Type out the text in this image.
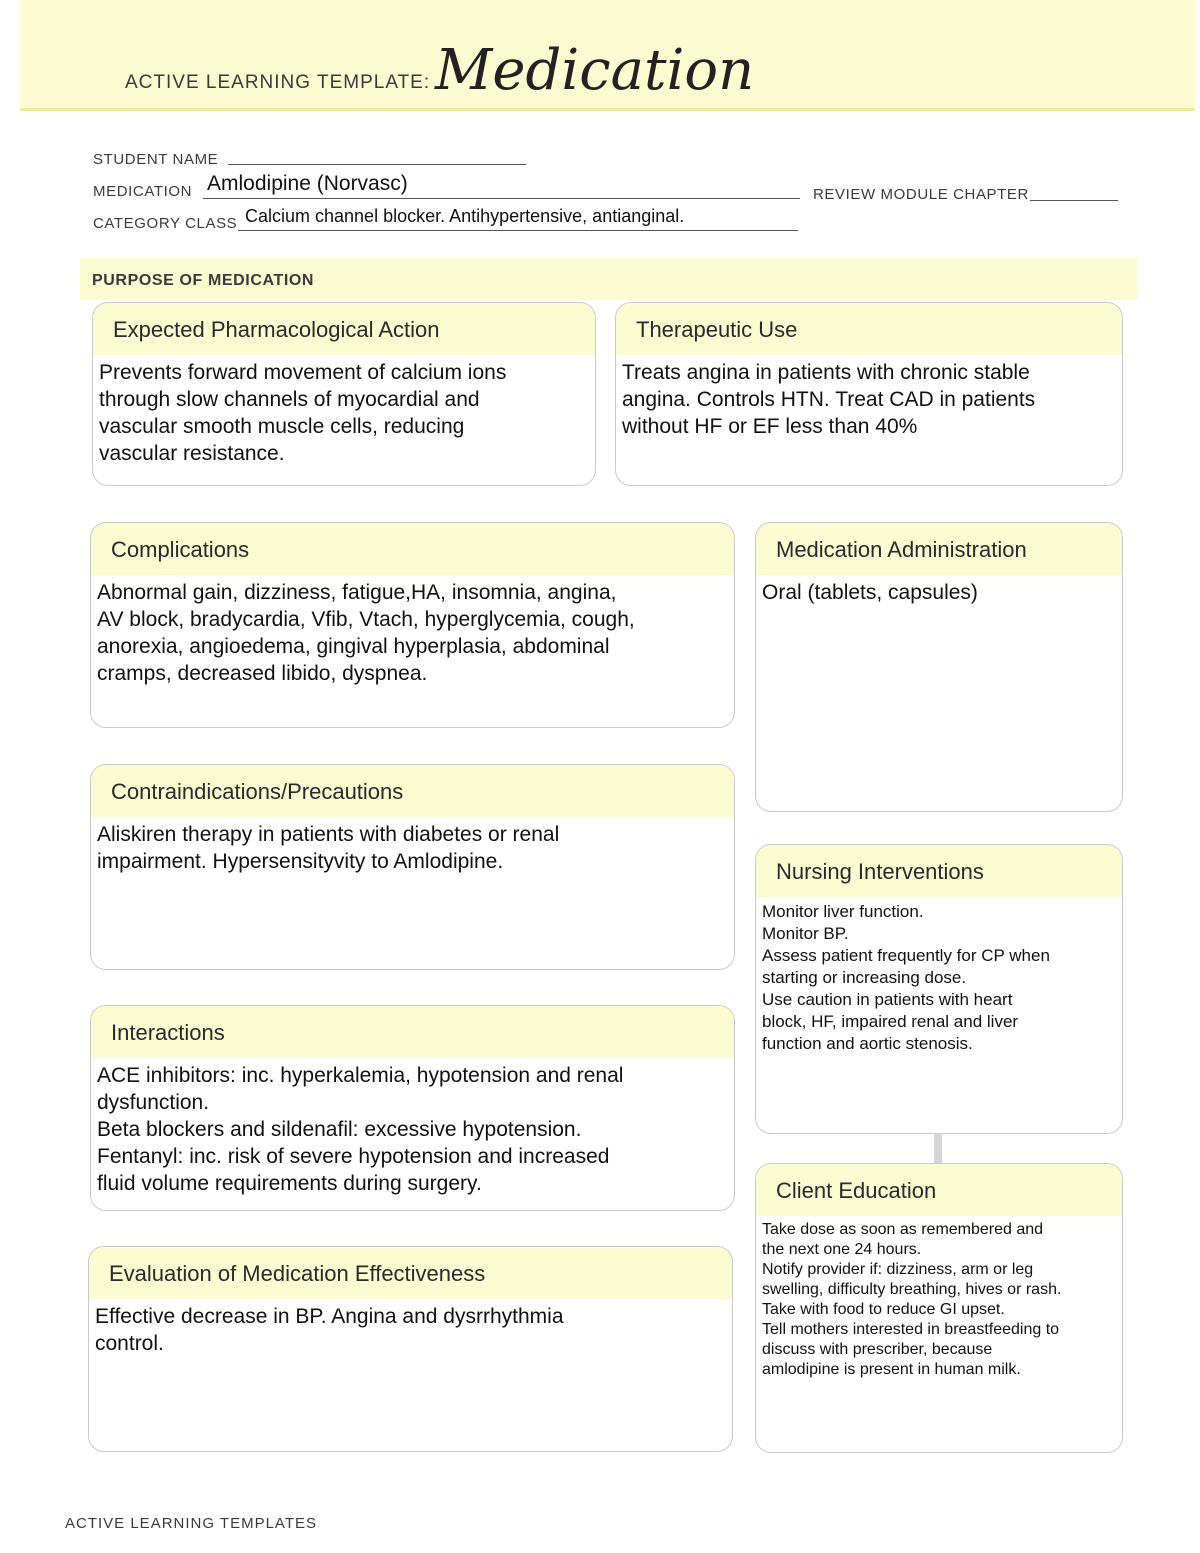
ACTIVE LEARNING TEMPLATE: Medication
STUDENT NAME
MEDICATION Amlodipine (Norvasc)	REVIEW MODULE CHAPTER
CATEGORY CLASS Calcium channel blocker. Antihypertensive, antianginal.
PURPOSE OF MEDICATION
Expected Pharmacological Action
Prevents forward movement of calcium ions
through slow channels of myocardial and
vascular smooth muscle cells, reducing
vascular resistance.
Therapeutic Use
Treats angina in patients with chronic stable
angina. Controls HTN. Treat CAD in patients
without HF or EF less than 40%
Complications
Abnormal gain, dizziness, fatigue,HA, insomnia, angina,
AV block, bradycardia, Vfib, Vtach, hyperglycemia, cough,
anorexia, angioedema, gingival hyperplasia, abdominal
cramps, decreased libido, dyspnea.
Medication Administration
Oral (tablets, capsules)
Contraindications/Precautions
Aliskiren therapy in patients with diabetes or renal
impairment. Hypersensityvity to Amlodipine.	Nursing Interventions
Monitor liver function.
Monitor BP.
Assess patient frequently for CP when
starting or increasing dose.
Use caution in patients with heart
block, HF, impaired renal and liver
function and aortic stenosis.
Interactions
ACE inhibitors: inc. hyperkalemia, hypotension and renal
dysfunction.
Beta blockers and sildenafil: excessive hypotension.
Fentanyl: inc. risk of severe hypotension and increased
fluid volume requirements during surgery.	Client Education
Take dose as soon as remembered and
the next one 24 hours.
Notify provider if: dizziness, arm or leg
swelling, difficulty breathing, hives or rash.
Take with food to reduce GI upset.
Tell mothers interested in breastfeeding to
discuss with prescriber, because
amlodipine is present in human milk.
Evaluation of Medication Effectiveness
Effective decrease in BP. Angina and dysrrhythmia
control.
ACTIVE LEARNING TEMPLATES
